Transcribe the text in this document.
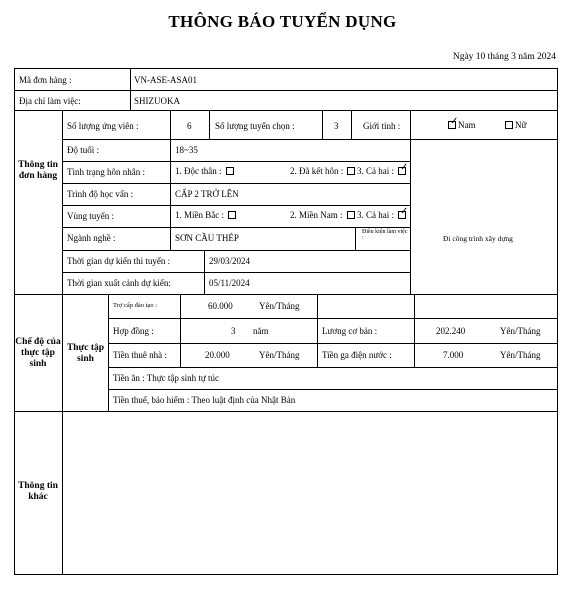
THÔNG BÁO TUYỂN DỤNG
Ngày 10 tháng 3 năm 2024
Mã đơn hàng :	VN-ASE-ASA01
Địa chỉ làm việc:	SHIZUOKA
Thông tin đơn hàng
Số lượng ứng viên :	6	Số lượng tuyển chọn :	3	Giới tính :
✓	Nam	Nữ
Độ tuổi :	18~35
Tình trạng hôn nhân :	1. Độc thân :	2. Đã kết hôn :	3. Cả hai :✓
Trình độ học vấn :	CẤP 2 TRỞ LÊN
Vùng tuyển :	1. Miền Bắc :	2. Miền Nam :	3. Cả hai :✓
Ngành nghề :	SƠN CẦU THÉP
Điều kiện làm việc :	Đi công trình xây dựng
Thời gian dự kiến thi tuyển :	29/03/2024
Thời gian xuất cảnh dự kiến:	05/11/2024
Chế độ của thực tập sinh
Thực tập sinh
Trợ cấp đào tạo :	60.000	Yên/Tháng
Hợp đồng :	3 năm	Lương cơ bản :	202.240	Yên/Tháng
Tiền thuê nhà :	20.000	Yên/Tháng	Tiền ga điện nước :	7.000	Yên/Tháng
Tiền ăn : Thực tập sinh tự túc
Tiền thuế, bảo hiểm : Theo luật định của Nhật Bản
Thông tin khác
